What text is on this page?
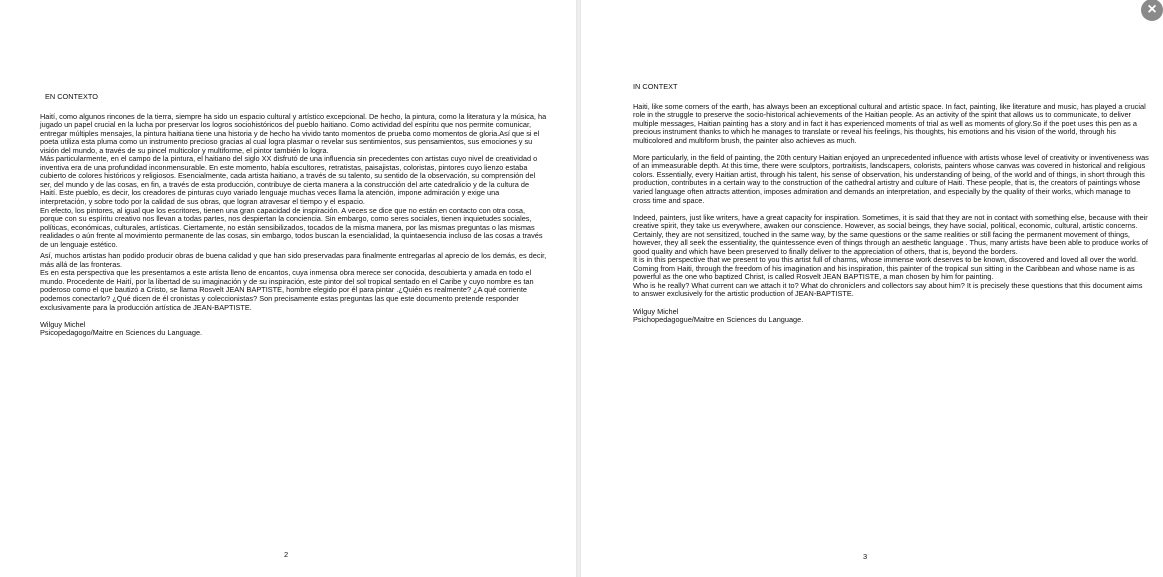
EN CONTEXTO

Haití, como algunos rincones de la tierra, siempre ha sido un espacio cultural y artístico excepcional. De hecho, la pintura, como la literatura y la música, ha jugado un papel crucial en la lucha por preservar los logros sociohistóricos del pueblo haitiano. Como actividad del espíritu que nos permite comunicar, entregar múltiples mensajes, la pintura haitiana tiene una historia y de hecho ha vivido tanto momentos de prueba como momentos de gloria.Así que si el poeta utiliza esta pluma como un instrumento precioso gracias al cual logra plasmar o revelar sus sentimientos, sus pensamientos, sus emociones y su visión del mundo, a través de su pincel multicolor y multiforme, el pintor también lo logra.

Más particularmente, en el campo de la pintura, el haitiano del siglo XX disfrutó de una influencia sin precedentes con artistas cuyo nivel de creatividad o inventiva era de una profundidad inconmensurable. En este momento, había escultores, retratistas, paisajistas, coloristas, pintores cuyo lienzo estaba cubierto de colores históricos y religiosos. Esencialmente, cada artista haitiano, a través de su talento, su sentido de la observación, su comprensión del ser, del mundo y de las cosas, en fin, a través de esta producción, contribuye de cierta manera a la construcción del arte catedralicio y de la cultura de Haití. Este pueblo, es decir, los creadores de pinturas cuyo variado lenguaje muchas veces llama la atención, impone admiración y exige una interpretación, y sobre todo por la calidad de sus obras, que logran atravesar el tiempo y el espacio.

En efecto, los pintores, al igual que los escritores, tienen una gran capacidad de inspiración. A veces se dice que no están en contacto con otra cosa, porque con su espíritu creativo nos llevan a todas partes, nos despiertan la conciencia. Sin embargo, como seres sociales, tienen inquietudes sociales, políticas, económicas, culturales, artísticas. Ciertamente, no están sensibilizados, tocados de la misma manera, por las mismas preguntas o las mismas realidades o aún frente al movimiento permanente de las cosas, sin embargo, todos buscan la esencialidad, la quintaesencia incluso de las cosas a través de un lenguaje estético.

Así, muchos artistas han podido producir obras de buena calidad y que han sido preservadas para finalmente entregarlas al aprecio de los demás, es decir, más allá de las fronteras.

Es en esta perspectiva que les presentamos a este artista lleno de encantos, cuya inmensa obra merece ser conocida, descubierta y amada en todo el mundo. Procedente de Haití, por la libertad de su imaginación y de su inspiración, este pintor del sol tropical sentado en el Caribe y cuyo nombre es tan poderoso como el que bautizó a Cristo, se llama Rosvelt JEAN BAPTISTE, hombre elegido por él para pintar .¿Quién es realmente? ¿A qué corriente podemos conectarlo? ¿Qué dicen de él cronistas y coleccionistas? Son precisamente estas preguntas las que este documento pretende responder exclusivamente para la producción artística de JEAN-BAPTISTE.

Wilguy Michel

Psicopedagogo/Maitre en Sciences du Language.

2

IN CONTEXT

Haiti, like some corners of the earth, has always been an exceptional cultural and artistic space. In fact, painting, like literature and music, has played a crucial role in the struggle to preserve the socio-historical achievements of the Haitian people. As an activity of the spirit that allows us to communicate, to deliver multiple messages, Haitian painting has a story and in fact it has experienced moments of trial as well as moments of glory.So if the poet uses this pen as a precious instrument thanks to which he manages to translate or reveal his feelings, his thoughts, his emotions and his vision of the world, through his multicolored and multiform brush, the painter also achieves as much.

More particularly, in the field of painting, the 20th century Haitian enjoyed an unprecedented influence with artists whose level of creativity or inventiveness was of an immeasurable depth. At this time, there were sculptors, portraitists, landscapers, colorists, painters whose canvas was covered in historical and religious colors. Essentially, every Haitian artist, through his talent, his sense of observation, his understanding of being, of the world and of things, in short through this production, contributes in a certain way to the construction of the cathedral artistry and culture of Haiti. These people, that is, the creators of paintings whose varied language often attracts attention, imposes admiration and demands an interpretation, and especially by the quality of their works, which manage to cross time and space.

Indeed, painters, just like writers, have a great capacity for inspiration. Sometimes, it is said that they are not in contact with something else, because with their creative spirit, they take us everywhere, awaken our conscience. However, as social beings, they have social, political, economic, cultural, artistic concerns. Certainly, they are not sensitized, touched in the same way, by the same questions or the same realities or still facing the permanent movement of things, however, they all seek the essentiality, the quintessence even of things through an aesthetic language . Thus, many artists have been able to produce works of good quality and which have been preserved to finally deliver to the appreciation of others, that is, beyond the borders.

It is in this perspective that we present to you this artist full of charms, whose immense work deserves to be known, discovered and loved all over the world. Coming from Haiti, through the freedom of his imagination and his inspiration, this painter of the tropical sun sitting in the Caribbean and whose name is as powerful as the one who baptized Christ, is called Rosvelt JEAN BAPTISTE, a man chosen by him for painting.

Who is he really? What current can we attach it to? What do chroniclers and collectors say about him? It is precisely these questions that this document aims to answer exclusively for the artistic production of JEAN-BAPTISTE.

Wilguy Michel

Psichopedagogue/Maitre en Sciences du Language.

3
×
